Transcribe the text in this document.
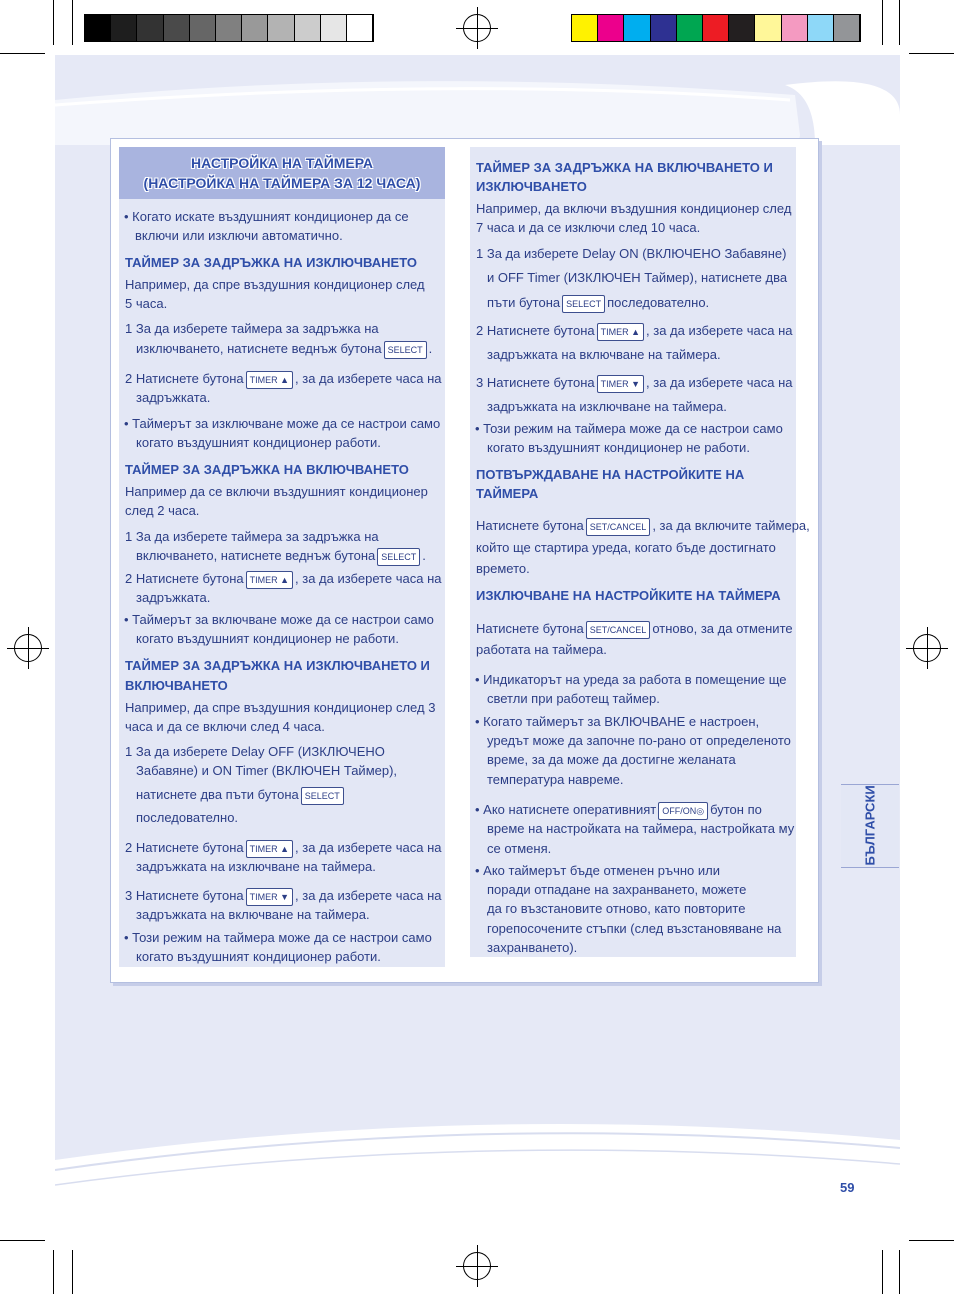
НАСТРОЙКА НА ТАЙМЕРА
(НАСТРОЙКА НА ТАЙМЕРА ЗА 12 ЧАСА)
• Когато искате въздушният кондиционер да се
включи или изключи автоматично.
ТАЙМЕР ЗА ЗАДРЪЖКА НА ИЗКЛЮЧВАНЕТО
Например, да спре въздушния кондиционер след
5 часа.
1 За да изберете таймера за задръжка на
изключването, натиснете веднъж бутона SELECT .
2 Натиснете бутона TIMER ▲ , за да изберете часа на
задръжката.
• Таймерът за изключване може да се настрои само
когато въздушният кондиционер работи.
ТАЙМЕР ЗА ЗАДРЪЖКА НА ВКЛЮЧВАНЕТО
Например да се включи въздушният кондиционер
след 2 часа.
1 За да изберете таймера за задръжка на
включването, натиснете веднъж бутона SELECT .
2 Натиснете бутона TIMER ▲ , за да изберете часа на
задръжката.
• Таймерът за включване може да се настрои само
когато въздушният кондиционер не работи.
ТАЙМЕР ЗА ЗАДРЪЖКА НА ИЗКЛЮЧВАНЕТО И
ВКЛЮЧВАНЕТО
Например, да спре въздушния кондиционер след 3
часа и да се включи след 4 часа.
1 За да изберете Delay OFF (ИЗКЛЮЧЕНО
Забавяне) и ON Timer (ВКЛЮЧЕН Таймер),
натиснете два пъти бутона SELECT
последователно.
2 Натиснете бутона TIMER ▲ , за да изберете часа на
задръжката на изключване на таймера.
3 Натиснете бутона TIMER ▼ , за да изберете часа на
задръжката на включване на таймера.
• Този режим на таймера може да се настрои само
когато въздушният кондиционер работи.
ТАЙМЕР ЗА ЗАДРЪЖКА НА ВКЛЮЧВАНЕТО И
ИЗКЛЮЧВАНЕТО
Например, да включи въздушния кондиционер след
7 часа и да се изключи след 10 часа.
1 За да изберете Delay ON (ВКЛЮЧЕНО Забавяне)
и OFF Timer (ИЗКЛЮЧЕН Таймер), натиснете два
пъти бутона SELECT последователно.
2 Натиснете бутона TIMER ▲ , за да изберете часа на
задръжката на включване на таймера.
3 Натиснете бутона TIMER ▼ , за да изберете часа на
задръжката на изключване на таймера.
• Този режим на таймера може да се настрои само
когато въздушният кондиционер не работи.
ПОТВЪРЖДАВАНЕ НА НАСТРОЙКИТЕ НА
ТАЙМЕРА
Натиснете бутона SET/CANCEL , за да включите таймера,
който ще стартира уреда, когато бъде достигнато
времето.
ИЗКЛЮЧВАНЕ НА НАСТРОЙКИТЕ НА ТАЙМЕРА
Натиснете бутона SET/CANCEL отново, за да отмените
работата на таймера.
• Индикаторът на уреда за работа в помещение ще
светли при работещ таймер.
• Когато таймерът за ВКЛЮЧВАНЕ е настроен,
уредът може да започне по-рано от определеното
време, за да може да достигне желаната
температура навреме.
• Ако натиснете оперативният OFF/ON◎ бутон по
време на настройката на таймера, настройката му
се отменя.
• Ако таймерът бъде отменен ръчно или
поради отпадане на захранването, можете
да го възстановите отново, като повторите
горепосочените стъпки (след възстановяване на
захранването).
БЪЛГАРСКИ
59
